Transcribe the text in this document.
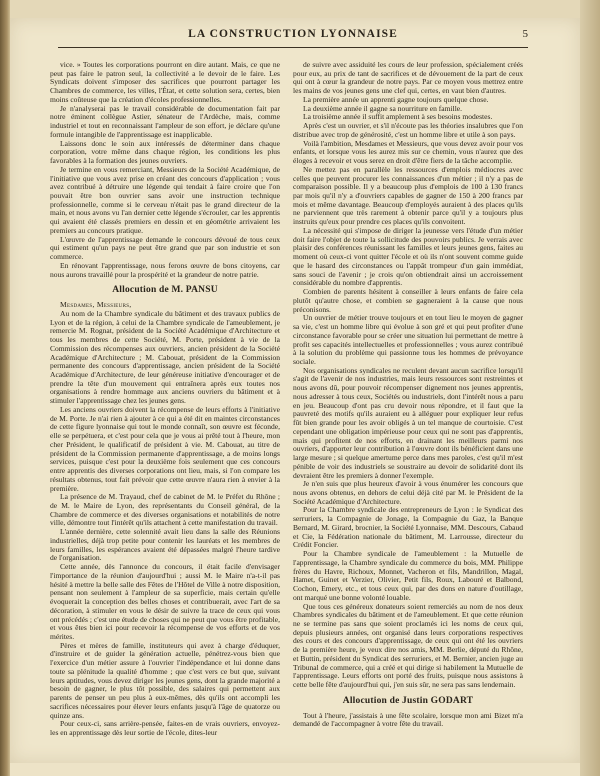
LA CONSTRUCTION LYONNAISE	5

vice. » Toutes les corporations pourront en dire autant. Mais, ce que ne peut pas faire le patron seul, la collectivité a le devoir de le faire. Les Syndicats doivent s'imposer des sacrifices que pourront partager les Chambres de commerce, les villes, l'État, et cette solution sera, certes, bien moins coûteuse que la création d'écoles professionnelles.

Je n'analyserai pas le travail considérable de documentation fait par notre éminent collègue Astier, sénateur de l'Ardèche, mais, comme industriel et tout en reconnaissant l'ampleur de son effort, je déclare qu'une formule intangible de l'apprentissage est inapplicable.

Laissons donc le soin aux intéressés de déterminer dans chaque corporation, votre même dans chaque région, les conditions les plus favorables à la formation des jeunes ouvriers.

Je termine en vous remerciant, Messieurs de la Société Académique, de l'initiative que vous avez prise en créant des concours d'application ; vous avez contribué à détruire une légende qui tendait à faire croire que l'on pouvait être bon ouvrier sans avoir une instruction technique professionnelle, comme si le cerveau n'était pas le grand directeur de la main, et nous avons vu l'an dernier cette légende s'écrouler, car les apprentis qui avaient été classés premiers en dessin et en géométrie arrivaient les premiers au concours pratique.

L'œuvre de l'apprentissage demande le concours dévoué de tous ceux qui estiment qu'un pays ne peut être grand que par son industrie et son commerce.

En rénovant l'apprentissage, nous ferons œuvre de bons citoyens, car nous aurons travaillé pour la prospérité et la grandeur de notre patrie.

Allocution de M. PANSU

Mesdames, Messieurs,

Au nom de la Chambre syndicale du bâtiment et des travaux publics de Lyon et de la région, à celui de la Chambre syndicale de l'ameublement, je remercie M. Rognat, président de la Société Académique d'Architecture et tous les membres de cette Société, M. Porte, président à vie de la Commission des récompenses aux ouvriers, ancien président de la Société Académique d'Architecture ; M. Cabouat, président de la Commission permanente des concours d'apprentissage, ancien président de la Société Académique d'Architecture, de leur généreuse initiative d'encourager et de prendre la tête d'un mouvement qui entraînera après eux toutes nos organisations à rendre hommage aux anciens ouvriers du bâtiment et à stimuler l'apprentissage chez les jeunes gens.

Les anciens ouvriers doivent la récompense de leurs efforts à l'initiative de M. Porte. Je n'ai rien à ajouter à ce qui a été dit en maintes circonstances de cette figure lyonnaise qui tout le monde connaît, son œuvre est féconde, elle se perpétuera, et c'est pour cela que je vous ai prêté tout à l'heure, mon cher Président, le qualificatif de président à vie. M. Cabouat, au titre de président de la Commission permanente d'apprentissage, a de moins longs services, puisque c'est pour la deuxième fois seulement que ces concours entre apprentis des diverses corporations ont lieu, mais, si l'on compare les résultats obtenus, tout fait prévoir que cette œuvre n'aura rien à envier à la première.

La présence de M. Trayaud, chef de cabinet de M. le Préfet du Rhône ; de M. le Maire de Lyon, des représentants du Conseil général, de la Chambre de commerce et des diverses organisations et notabilités de notre ville, démontre tout l'intérêt qu'ils attachent à cette manifestation du travail.

L'année dernière, cette solennité avait lieu dans la salle des Réunions industrielles, déjà trop petite pour contenir les lauréats et les membres de leurs familles, les espérances avaient été dépassées malgré l'heure tardive de l'organisation.

Cette année, dès l'annonce du concours, il était facile d'envisager l'importance de la réunion d'aujourd'hui ; aussi M. le Maire n'a-t-il pas hésité à mettre la belle salle des Fêtes de l'Hôtel de Ville à notre disposition, pensant non seulement à l'ampleur de sa superficie, mais certain qu'elle évoquerait la conception des belles choses et contribuerait, avec l'art de sa décoration, à stimuler en vous le désir de suivre la trace de ceux qui vous ont précédés ; c'est une étude de choses qui ne peut que vous être profitable, et vous êtes bien ici pour recevoir la récompense de vos efforts et de vos mérites.

Pères et mères de famille, instituteurs qui avez à charge d'éduquer, d'instruire et de guider la génération actuelle, pénétrez-vous bien que l'exercice d'un métier assure à l'ouvrier l'indépendance et lui donne dans toute sa plénitude la qualité d'homme ; que c'est vers ce but que, suivant leurs aptitudes, vous devez diriger les jeunes gens, dont la grande majorité a besoin de gagner, le plus tôt possible, des salaires qui permettent aux parents de penser un peu plus à eux-mêmes, dès qu'ils ont accompli les sacrifices nécessaires pour élever leurs enfants jusqu'à l'âge de quatorze ou quinze ans.

Pour ceux-ci, sans arrière-pensée, faites-en de vrais ouvriers, envoyez-les en apprentissage dès leur sortie de l'école, dites-leur

de suivre avec assiduité les cours de leur profession, spécialement créés pour eux, au prix de tant de sacrifices et de dévouement de la part de ceux qui ont à cœur la grandeur de notre pays. Par ce moyen vous mettrez entre les mains de vos jeunes gens une clef qui, certes, en vaut bien d'autres.

La première année un apprenti gagne toujours quelque chose.

La deuxième année il gagne sa nourriture en famille.

La troisième année il suffit amplement à ses besoins modestes.

Après c'est un ouvrier, et s'il n'écoute pas les théories insalubres que l'on distribue avec trop de générosité, c'est un homme libre et utile à son pays.

Voilà l'ambition, Mesdames et Messieurs, que vous devez avoir pour vos enfants, et lorsque vous les aurez mis sur ce chemin, vous n'aurez que des éloges à recevoir et vous serez en droit d'être fiers de la tâche accomplie.

Ne mettez pas en parallèle les ressources d'emplois médiocres avec celles que peuvent procurer les connaissances d'un métier ; il n'y a pas de comparaison possible. Il y a beaucoup plus d'emplois de 100 à 130 francs par mois qu'il n'y a d'ouvriers capables de gagner de 150 à 200 francs par mois et même davantage. Beaucoup d'employés auraient à des places qu'ils ne parviennent que très rarement à obtenir parce qu'il y a toujours plus instruits qu'eux pour prendre ces places qu'ils convoitent.

La nécessité qui s'impose de diriger la jeunesse vers l'étude d'un métier doit faire l'objet de toute la sollicitude des pouvoirs publics. Je verrais avec plaisir des conférences réunissant les familles et leurs jeunes gens, faites au moment où ceux-ci vont quitter l'école et où ils n'ont souvent comme guide que le hasard des circonstances ou l'appât trompeur d'un gain immédiat, sans souci de l'avenir ; je crois qu'on obtiendrait ainsi un accroissement considérable du nombre d'apprentis.

Combien de parents hésitent à conseiller à leurs enfants de faire cela plutôt qu'autre chose, et combien se gagneraient à la cause que nous préconisons.

Un ouvrier de métier trouve toujours et en tout lieu le moyen de gagner sa vie, c'est un homme libre qui évolue à son gré et qui peut profiter d'une circonstance favorable pour se créer une situation lui permettant de mettre à profit ses capacités intellectuelles et professionnelles ; vous aurez contribué à la solution du problème qui passionne tous les hommes de prévoyance sociale.

Nos organisations syndicales ne reculent devant aucun sacrifice lorsqu'il s'agit de l'avenir de nos industries, mais leurs ressources sont restreintes et nous avons dû, pour pouvoir récompenser dignement nos jeunes apprentis, nous adresser à tous ceux, Sociétés ou industriels, dont l'intérêt nous a paru en jeu. Beaucoup d'ont pas cru devoir nous répondre, et il faut que la pauvreté des motifs qu'ils auraient eu à alléguer pour expliquer leur refus fût bien grande pour les avoir obligés à un tel manque de courtoisie. C'est cependant une obligation impérieuse pour ceux qui ne sont pas d'apprentis, mais qui profitent de nos efforts, en drainant les meilleurs parmi nos ouvriers, d'apporter leur contribution à l'œuvre dont ils bénéficient dans une large mesure ; si quelque amertume perce dans mes paroles, c'est qu'il m'est pénible de voir des industriels se soustraire au devoir de solidarité dont ils devraient être les premiers à donner l'exemple.

Je n'en suis que plus heureux d'avoir à vous énumérer les concours que nous avons obtenus, en dehors de celui déjà cité par M. le Président de la Société Académique d'Architecture.

Pour la Chambre syndicale des entrepreneurs de Lyon : le Syndicat des serruriers, la Compagnie de Jonage, la Compagnie du Gaz, la Banque Bernard, M. Girard, brocnier, la Société Lyonnaise, MM. Descours, Cabaud et Cie, la Fédération nationale du bâtiment, M. Larrousse, directeur du Crédit Foncier.

Pour la Chambre syndicale de l'ameublement : la Mutuelle de l'apprentissage, la Chambre syndicale du commerce du bois, MM. Philippe frères du Havre, Richoux, Monnet, Vacheron et fils, Mandrillon, Magal, Hamet, Guinet et Verzier, Olivier, Petit fils, Roux, Labouré et Balbond, Cochon, Emery, etc., et tous ceux qui, par des dons en nature d'outillage, ont marqué une bonne volonté louable.

Que tous ces généreux donateurs soient remerciés au nom de nos deux Chambres syndicales du bâtiment et de l'ameublement. Et que cette réunion ne se termine pas sans que soient proclamés ici les noms de ceux qui, depuis plusieurs années, ont organisé dans leurs corporations respectives des cours et des concours d'apprentissage, de ceux qui ont été les ouvriers de la première heure, je veux dire nos amis, MM. Berlie, député du Rhône, et Buttin, président du Syndicat des serruriers, et M. Bernier, ancien juge au Tribunal de commerce, qui a créé et qui dirige si habilement la Mutuelle de l'apprentissage. Leurs efforts ont porté des fruits, puisque nous assistons à cette belle fête d'aujourd'hui qui, j'en suis sûr, ne sera pas sans lendemain.

Allocution de Justin GODART

Tout à l'heure, j'assistais à une fête scolaire, lorsque mon ami Bizet m'a demandé de l'accompagner à votre fête du travail.
